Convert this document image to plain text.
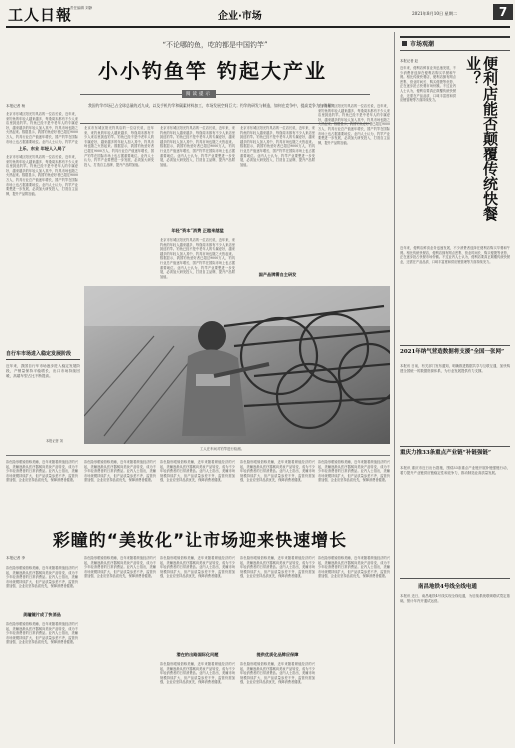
工人日報
责任编辑 刘静
企业·市场	2021年8月10日 星期二	7
“不论哪的鱼，吃的都是中国钓竿”
小小钓鱼竿 钓起大产业
阅读提示
我国钓竿市场已占全球总量的近九成，以及手机钓竿和碳素材料加工，市场发展空间巨大；钓竿的研发与制造，如何在竞争中，提高竞争力与销量？
本报记者 杨
北京市东城区阳光钓具店的一位店长说，近年来，来钓鱼的年轻人越来越多，每逢周末都有不少人来店里挑选钓竿。钓鱼已经不是中老年人的专属爱好，越来越多的年轻人加入其中，钓具市场也随之火热起来。数据显示，我国钓鱼爱好者已超过9000万人，钓具行业总产值逐年增长，国产钓竿在国际市场上也占据重要地位。业内人士认为，钓竿产业
上乐、东业 年轻人入局了
北京市东城区阳光钓具店的一位店长说，近年来，来钓鱼的年轻人越来越多，每逢周末都有不少人来店里挑选钓竿。钓鱼已经不是中老年人的专属爱好，越来越多的年轻人加入其中，钓具市场也随之火热起来。数据显示，我国钓鱼爱好者已超过9000万人，钓具行业总产值逐年增长，国产钓竿在国际市场上也占据重要地位。业内人士认为，钓竿产业要想进一步发展，必须加大研发投入，打造自主品牌，提升产品附加值。
北京市东城区阳光钓具店的一位店长说，近年来，来钓鱼的年轻人越来越多，每逢周末都有不少人来店里挑选钓竿。钓鱼已经不是中老年人的专属爱好，越来越多的年轻人加入其中，钓具市场也随之火热起来。数据显示，我国钓鱼爱好者已超过9000万人，钓具行业总产值逐年增长，国产钓竿在国际市场上也占据重要地位。业内人士认为，钓竿产业要想进一步发展，必须加大研发投入，打造自主品牌，提升产品附加值。
北京市东城区阳光钓具店的一位店长说，近年来，来钓鱼的年轻人越来越多，每逢周末都有不少人来店里挑选钓竿。钓鱼已经不是中老年人的专属爱好，越来越多的年轻人加入其中，钓具市场也随之火热起来。数据显示，我国钓鱼爱好者已超过9000万人，钓具行业总产值逐年增长，国产钓竿在国际市场上也占据重要地位。业内人士认为，钓竿产业要想进一步发展，必须加大研发投入，打造自主品牌，提升产品附加值。
年轻“资本”消费 正越来越猛
北京市东城区阳光钓具店的一位店长说，近年来，来钓鱼的年轻人越来越多，每逢周末都有不少人来店里挑选钓竿。钓鱼已经不是中老年人的专属爱好，越来越多的年轻人加入其中，钓具市场也随之火热起来。数据显示，我国钓鱼爱好者已超过9000万人，钓具行业总产值逐年增长，国产钓竿在国际市场上也占据重要地位。业内人士认为，钓竿产业要想进一步发展，必须加大研发投入，打造自主品牌，提升产品附加值。
北京市东城区阳光钓具店的一位店长说，近年来，来钓鱼的年轻人越来越多，每逢周末都有不少人来店里挑选钓竿。钓鱼已经不是中老年人的专属爱好，越来越多的年轻人加入其中，钓具市场也随之火热起来。数据显示，我国钓鱼爱好者已超过9000万人，钓具行业总产值逐年增长，国产钓竿在国际市场上也占据重要地位。业内人士认为，钓竿产业要想进一步发展，必须加大研发投入，打造自主品牌，提升产品附加值。
国产品牌需自主研发
北京市东城区阳光钓具店的一位店长说，近年来，来钓鱼的年轻人越来越多，每逢周末都有不少人来店里挑选钓竿。钓鱼已经不是中老年人的专属爱好，越来越多的年轻人加入其中，钓具市场也随之火热起来。数据显示，我国钓鱼爱好者已超过9000万人，钓具行业总产值逐年增长，国产钓竿在国际市场上也占据重要地位。业内人士认为，钓竿产业要想进一步发展，必须加大研发投入，打造自主品牌，提升产品附加值。
工人在车间对钓竿进行检测。
自行车市场进入稳定发展阶段
近年来，我国自行车市场逐步进入稳定发展阶段，产销量保持平稳增长，出口市场持续回暖，高端车型占比不断提高。
本报记者 刘
彩瞳的“美妆化”让市场迎来快速增长
彩色隐形眼镜俗称美瞳，近年来随着颜值经济的兴起，美瞳逐渐从医疗器械向美妆产品转变，成为不少年轻消费者的日常消费品。业内人士指出，美瞳市场规模持续扩大，但产品质量参差不齐，监管仍需加强，企业应坚持品质优先，保障消费者健康。
彩色隐形眼镜俗称美瞳，近年来随着颜值经济的兴起，美瞳逐渐从医疗器械向美妆产品转变，成为不少年轻消费者的日常消费品。业内人士指出，美瞳市场规模持续扩大，但产品质量参差不齐，监管仍需加强，企业应坚持品质优先，保障消费者健康。
彩色隐形眼镜俗称美瞳，近年来随着颜值经济的兴起，美瞳逐渐从医疗器械向美妆产品转变，成为不少年轻消费者的日常消费品。业内人士指出，美瞳市场规模持续扩大，但产品质量参差不齐，监管仍需加强，企业应坚持品质优先，保障消费者健康。
彩色隐形眼镜俗称美瞳，近年来随着颜值经济的兴起，美瞳逐渐从医疗器械向美妆产品转变，成为不少年轻消费者的日常消费品。业内人士指出，美瞳市场规模持续扩大，但产品质量参差不齐，监管仍需加强，企业应坚持品质优先，保障消费者健康。
彩色隐形眼镜俗称美瞳，近年来随着颜值经济的兴起，美瞳逐渐从医疗器械向美妆产品转变，成为不少年轻消费者的日常消费品。业内人士指出，美瞳市场规模持续扩大，但产品质量参差不齐，监管仍需加强，企业应坚持品质优先，保障消费者健康。
本报记者 李
彩色隐形眼镜俗称美瞳，近年来随着颜值经济的兴起，美瞳逐渐从医疗器械向美妆产品转变，成为不少年轻消费者的日常消费品。业内人士指出，美瞳市场规模持续扩大，但产品质量参差不齐，监管仍需加强，企业应坚持品质优先，保障消费者健康。
美瞳镜片成了快消品
彩色隐形眼镜俗称美瞳，近年来随着颜值经济的兴起，美瞳逐渐从医疗器械向美妆产品转变，成为不少年轻消费者的日常消费品。业内人士指出，美瞳市场规模持续扩大，但产品质量参差不齐，监管仍需加强，企业应坚持品质优先，保障消费者健康。
彩色隐形眼镜俗称美瞳，近年来随着颜值经济的兴起，美瞳逐渐从医疗器械向美妆产品转变，成为不少年轻消费者的日常消费品。业内人士指出，美瞳市场规模持续扩大，但产品质量参差不齐，监管仍需加强，企业应坚持品质优先，保障消费者健康。
彩色隐形眼镜俗称美瞳，近年来随着颜值经济的兴起，美瞳逐渐从医疗器械向美妆产品转变，成为不少年轻消费者的日常消费品。业内人士指出，美瞳市场规模持续扩大，但产品质量参差不齐，监管仍需加强，企业应坚持品质优先，保障消费者健康。
潜在的出路国际化问题
彩色隐形眼镜俗称美瞳，近年来随着颜值经济的兴起，美瞳逐渐从医疗器械向美妆产品转变，成为不少年轻消费者的日常消费品。业内人士指出，美瞳市场规模持续扩大，但产品质量参差不齐，监管仍需加强，企业应坚持品质优先，保障消费者健康。
彩色隐形眼镜俗称美瞳，近年来随着颜值经济的兴起，美瞳逐渐从医疗器械向美妆产品转变，成为不少年轻消费者的日常消费品。业内人士指出，美瞳市场规模持续扩大，但产品质量参差不齐，监管仍需加强，企业应坚持品质优先，保障消费者健康。
提供优质化品牌应保障
彩色隐形眼镜俗称美瞳，近年来随着颜值经济的兴起，美瞳逐渐从医疗器械向美妆产品转变，成为不少年轻消费者的日常消费品。业内人士指出，美瞳市场规模持续扩大，但产品质量参差不齐，监管仍需加强，企业应坚持品质优先，保障消费者健康。
彩色隐形眼镜俗称美瞳，近年来随着颜值经济的兴起，美瞳逐渐从医疗器械向美妆产品转变，成为不少年轻消费者的日常消费品。业内人士指出，美瞳市场规模持续扩大，但产品质量参差不齐，监管仍需加强，企业应坚持品质优先，保障消费者健康。
市场观潮
本报记者 赵
近年来，便利店鲜食业务迅速发展，不少消费者选择在便利店购买早餐和午餐。相比传统快餐店，便利店拥有网点密集、营业时间长、购买便捷等优势，正在逐步抢占快餐市场份额。不过业内人士认为，便利店要真正颠覆传统快餐业，还需在产品品质、口味丰富度和供应链管理等方面持续发力。
近年来，便利店鲜食业务迅速发展，不少消费者选择在便利店购买早餐和午餐。相比传统快餐店，便利店拥有网点密集、营业时间长、购买便捷等优势，正在逐步抢占快餐市场份额。不过业内人士认为，便利店要真正颠覆传统快餐业，还需在产品品质、口味丰富度和供应链管理等方面持续发力。
便利店能否颠覆传统快餐业？
2021年纳气营造数据将支援“全国一张网”
本报讯 日前，有关部门发布通知，明确推进数据共享与互联互通，加快构建全国统一的数据资源体系，为行业发展提供有力支撑。
重庆力推33条重点产业链“补链强链”
本报讯 重庆市近日出台措施，围绕33条重点产业链开展补链强链行动，着力提升产业链供应链稳定性和竞争力，推动制造业高质量发展。
南昌地铁4号线全线电通
本报讯 近日，南昌地铁4号线实现全线电通，为后续系统联调联试奠定基础，预计年内开通试运营。
